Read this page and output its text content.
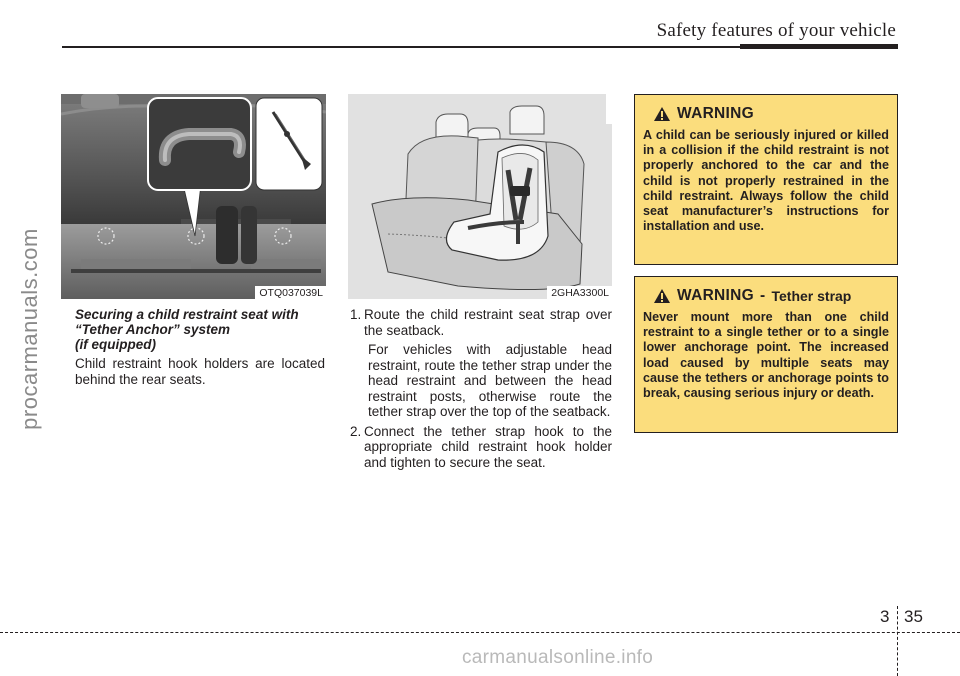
Safety features of your vehicle
procarmanuals.com	OTQ037039L	2GHA3300L
Securing a child restraint seat with
“Tether Anchor” system
(if equipped)
Child restraint hook holders are located behind the rear seats.
1. Route the child restraint seat strap over the seatback.
For vehicles with adjustable head restraint, route the tether strap under the head restraint and between the head restraint posts, otherwise route the tether strap over the top of the seatback.
2. Connect the tether strap hook to the appropriate child restraint hook holder and tighten to secure the seat.
WARNING
A child can be seriously injured or killed in a collision if the child restraint is not properly anchored to the car and the child is not properly restrained in the child restraint. Always follow the child seat manufacturer’s instructions for installation and use.
WARNING - Tether strap
Never mount more than one child restraint to a single tether or to a single lower anchorage point. The increased load caused by multiple seats may cause the tethers or anchorage points to break, causing serious injury or death.
3 35
carmanualsonline.info
